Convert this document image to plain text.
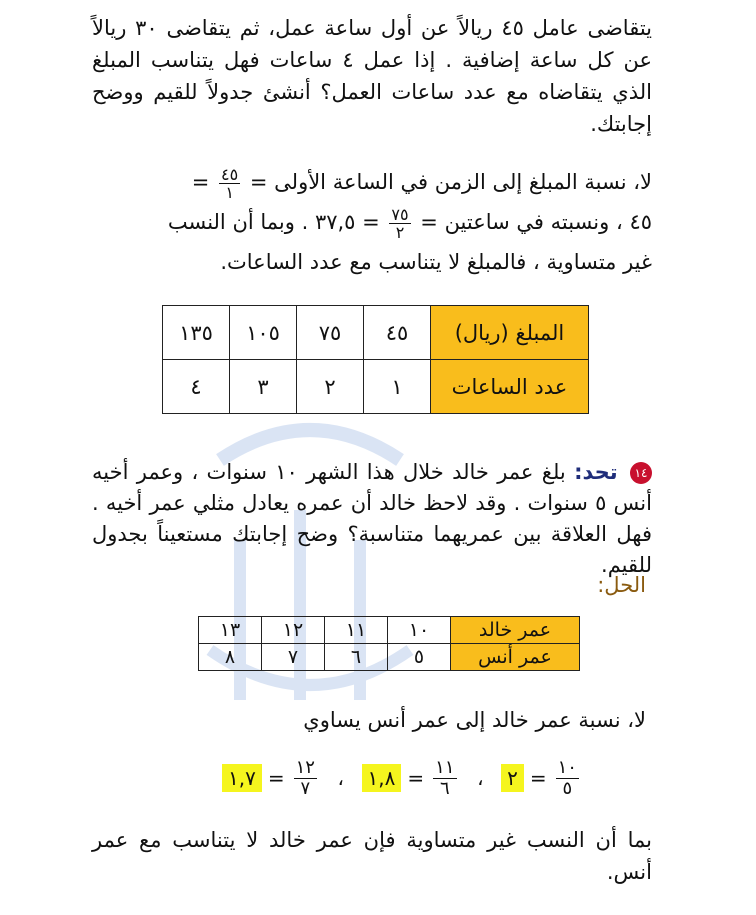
يتقاضى عامل ٤٥ ريالاً عن أول ساعة عمل، ثم يتقاضى ٣٠ ريالاً عن كل ساعة إضافية . إذا عمل ٤ ساعات فهل يتناسب المبلغ الذي يتقاضاه مع عدد ساعات العمل؟ أنشئ جدولاً للقيم ووضح إجابتك.
لا، نسبة المبلغ إلى الزمن في الساعة الأولى =
$\frac{٤٥}{١}$
=
٤٥ ، ونسبته في ساعتين =
$\frac{٧٥}{٢}$
= ٣٧,٥ . وبما أن النسب
غير متساوية ، فالمبلغ لا يتناسب مع عدد الساعات.
المبلغ (ريال)	٤٥	٧٥	١٠٥	١٣٥
عدد الساعات	١	٢	٣	٤
١٤ تحد: بلغ عمر خالد خلال هذا الشهر ١٠ سنوات ، وعمر أخيه أنس ٥ سنوات . وقد لاحظ خالد أن عمره يعادل مثلي عمر أخيه . فهل العلاقة بين عمريهما متناسبة؟ وضح إجابتك مستعيناً بجدول للقيم.
الحل:
عمر خالد	١٠	١١	١٢	١٣
عمر أنس	٥	٦	٧	٨
لا، نسبة عمر خالد إلى عمر أنس يساوي
١,٧ = $\frac{١٢}{٧}$ ،	١,٨ = $\frac{١١}{٦}$ ،	٢ = $\frac{١٠}{٥}$
بما أن النسب غير متساوية فإن عمر خالد لا يتناسب مع عمر أنس.
